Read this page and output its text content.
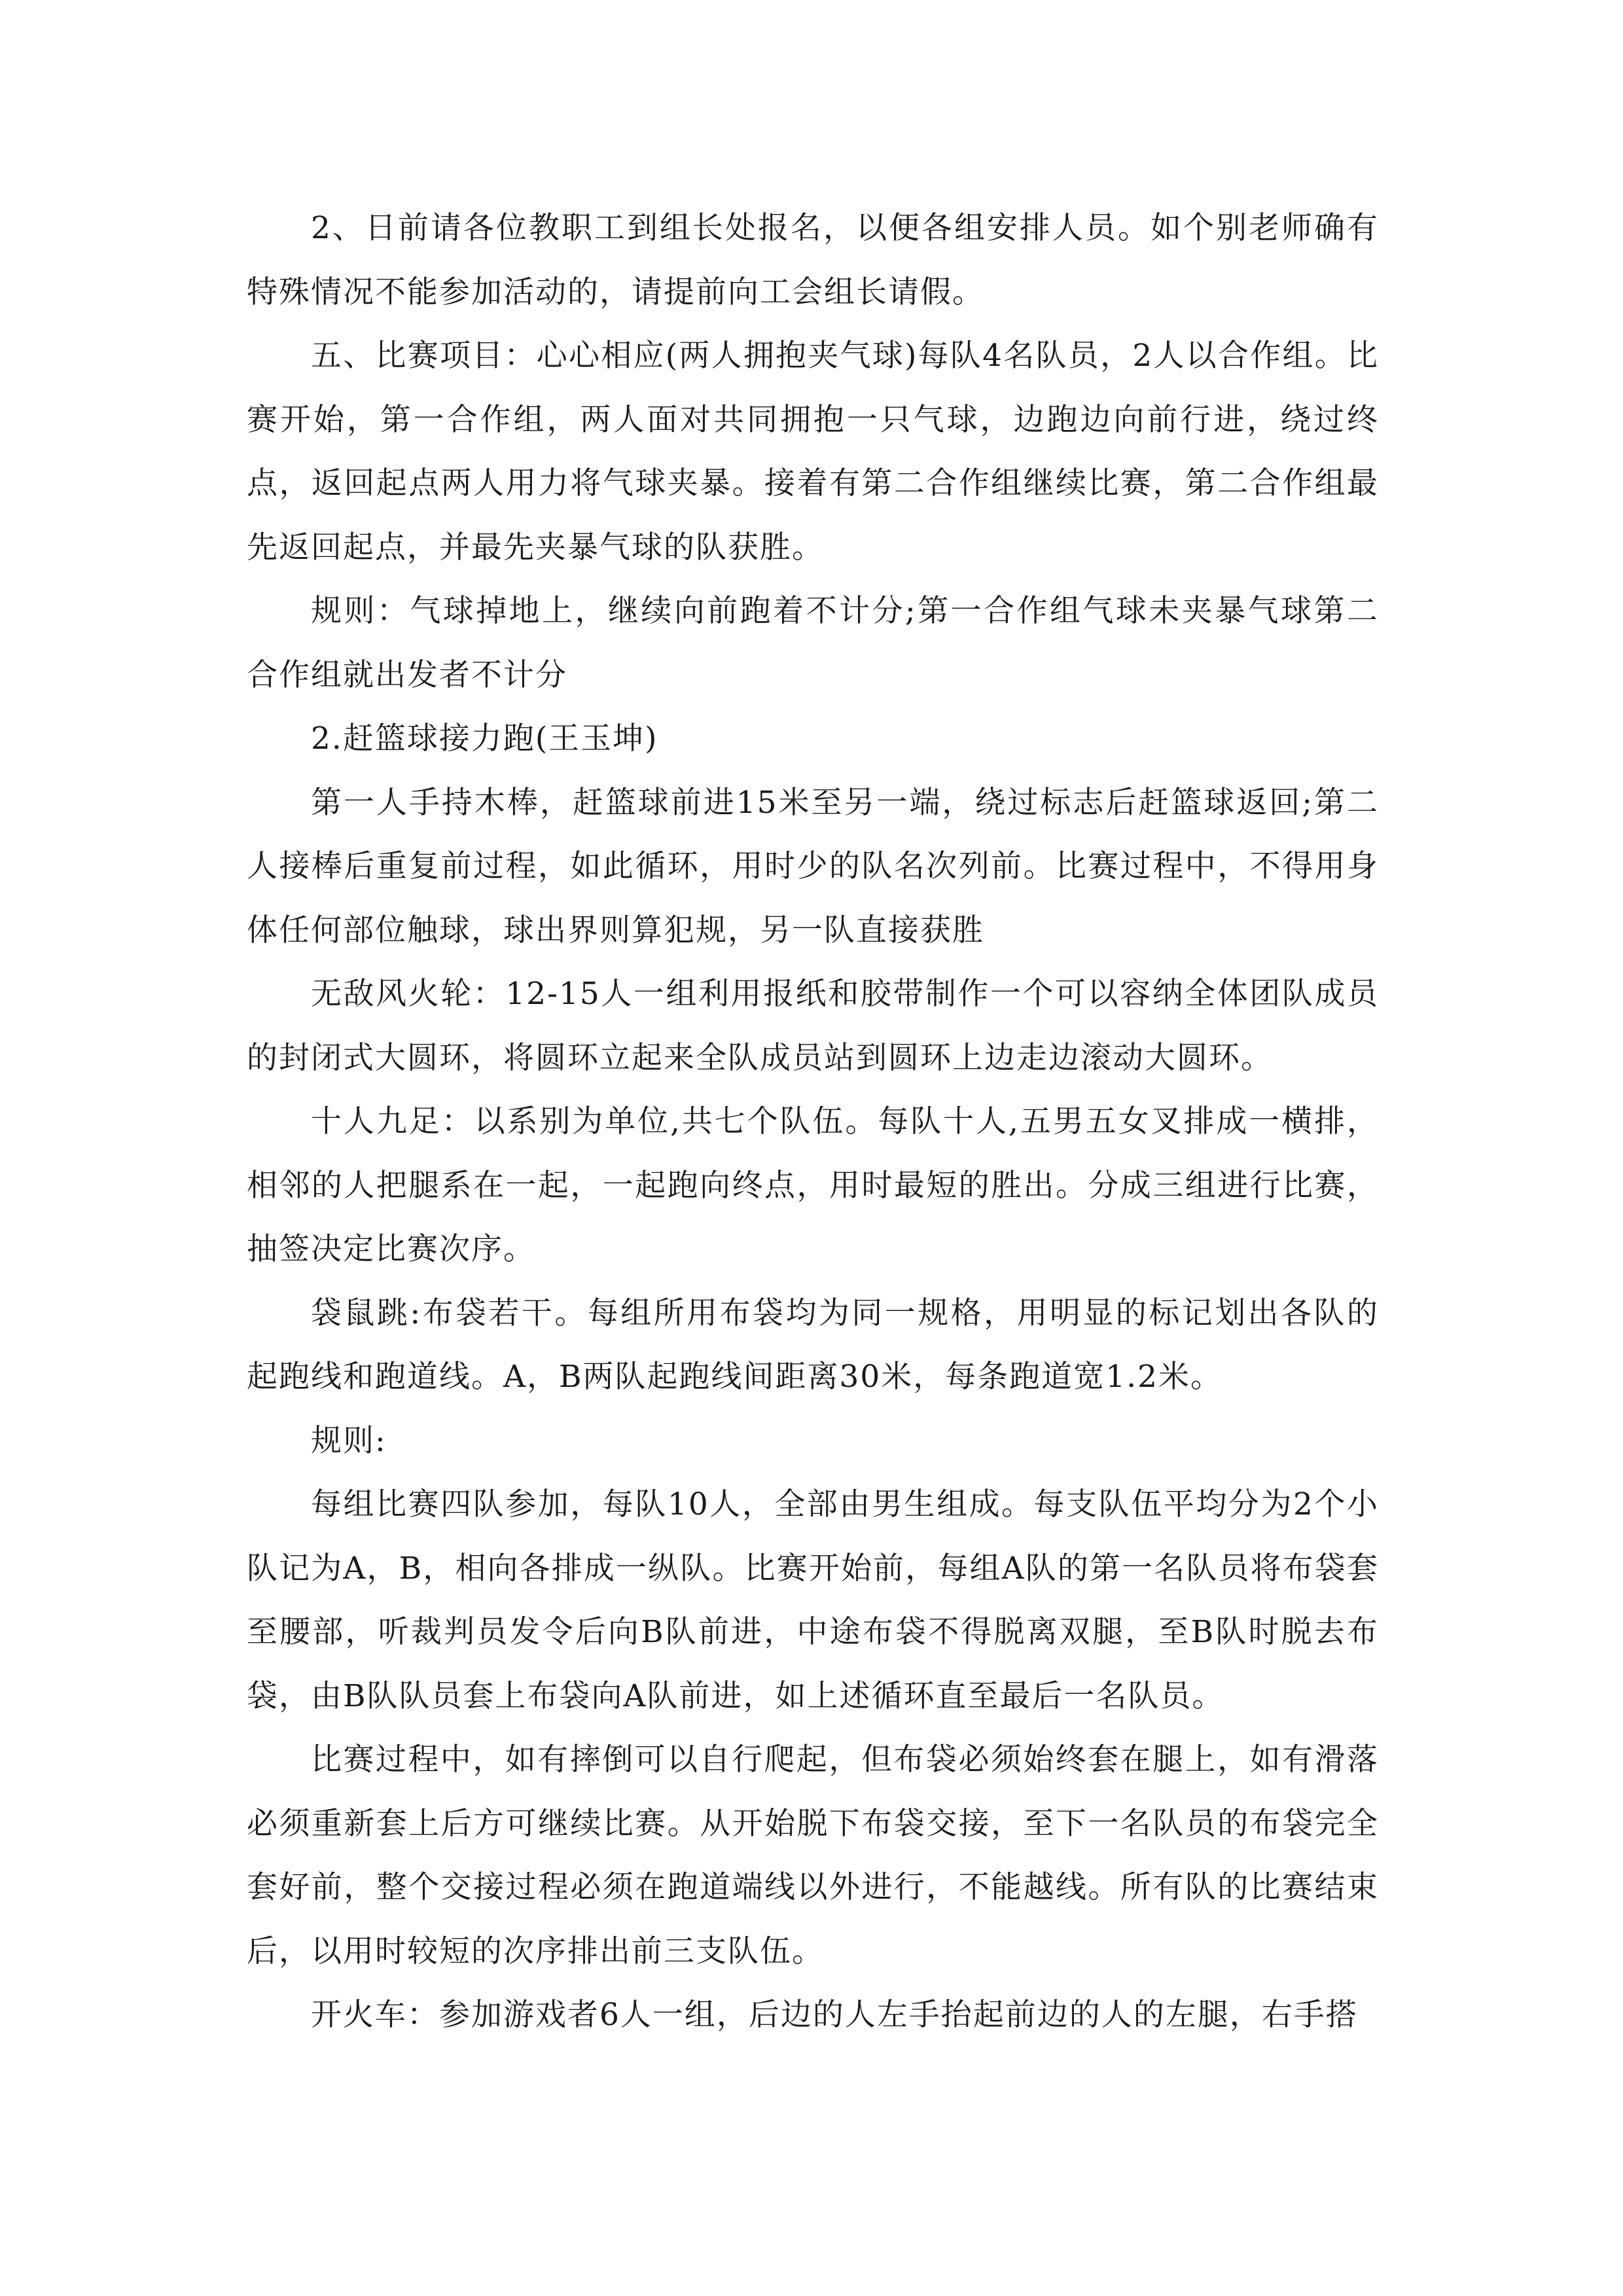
2、日前请各位教职工到组长处报名，以便各组安排人员。如个别老师确有特殊情况不能参加活动的，请提前向工会组长请假。

五、比赛项目：心心相应(两人拥抱夹气球)每队4名队员，2人以合作组。比赛开始，第一合作组，两人面对共同拥抱一只气球，边跑边向前行进，绕过终点，返回起点两人用力将气球夹暴。接着有第二合作组继续比赛，第二合作组最先返回起点，并最先夹暴气球的队获胜。

规则：气球掉地上，继续向前跑着不计分;第一合作组气球未夹暴气球第二合作组就出发者不计分

2.赶篮球接力跑(王玉坤)

第一人手持木棒，赶篮球前进15米至另一端，绕过标志后赶篮球返回;第二人接棒后重复前过程，如此循环，用时少的队名次列前。比赛过程中，不得用身体任何部位触球，球出界则算犯规，另一队直接获胜

无敌风火轮：12-15人一组利用报纸和胶带制作一个可以容纳全体团队成员的封闭式大圆环，将圆环立起来全队成员站到圆环上边走边滚动大圆环。

十人九足：以系别为单位,共七个队伍。每队十人,五男五女叉排成一横排，相邻的人把腿系在一起，一起跑向终点，用时最短的胜出。分成三组进行比赛，抽签决定比赛次序。

袋鼠跳:布袋若干。每组所用布袋均为同一规格，用明显的标记划出各队的起跑线和跑道线。A，B两队起跑线间距离30米，每条跑道宽1.2米。

规则:

每组比赛四队参加，每队10人，全部由男生组成。每支队伍平均分为2个小队记为A，B，相向各排成一纵队。比赛开始前，每组A队的第一名队员将布袋套至腰部，听裁判员发令后向B队前进，中途布袋不得脱离双腿，至B队时脱去布袋，由B队队员套上布袋向A队前进，如上述循环直至最后一名队员。

比赛过程中，如有摔倒可以自行爬起，但布袋必须始终套在腿上，如有滑落必须重新套上后方可继续比赛。从开始脱下布袋交接，至下一名队员的布袋完全套好前，整个交接过程必须在跑道端线以外进行，不能越线。所有队的比赛结束后，以用时较短的次序排出前三支队伍。

开火车：参加游戏者6人一组，后边的人左手抬起前边的人的左腿，右手搭
